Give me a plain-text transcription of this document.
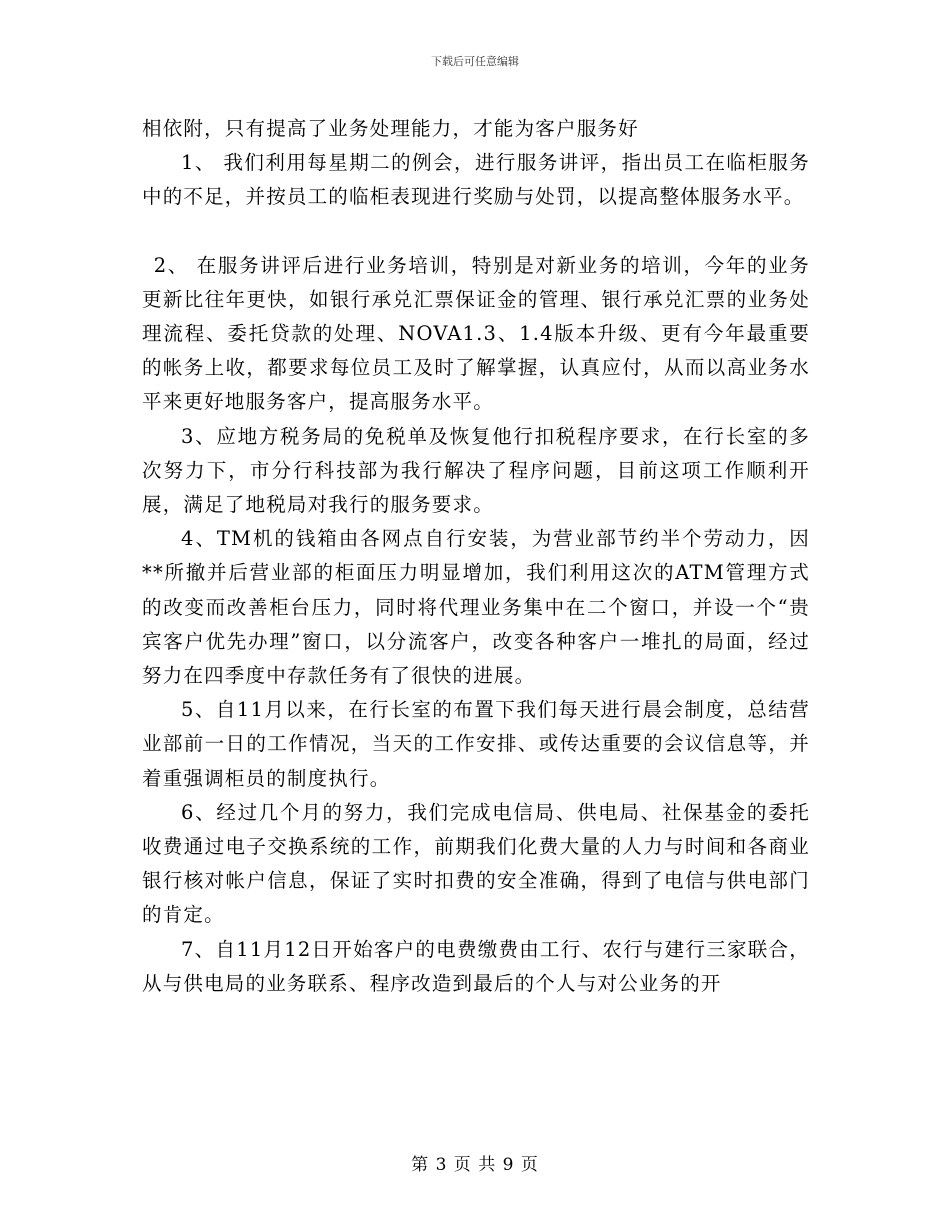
下载后可任意编辑

相依附，只有提高了业务处理能力，才能为客户服务好

1、 我们利用每星期二的例会，进行服务讲评，指出员工在临柜服务中的不足，并按员工的临柜表现进行奖励与处罚，以提高整体服务水平。

2、 在服务讲评后进行业务培训，特别是对新业务的培训，今年的业务更新比往年更快，如银行承兑汇票保证金的管理、银行承兑汇票的业务处理流程、委托贷款的处理、NOVA1.3、1.4版本升级、更有今年最重要的帐务上收，都要求每位员工及时了解掌握，认真应付，从而以高业务水平来更好地服务客户，提高服务水平。

3、应地方税务局的免税单及恢复他行扣税程序要求，在行长室的多次努力下，市分行科技部为我行解决了程序问题，目前这项工作顺利开展，满足了地税局对我行的服务要求。

4、TM机的钱箱由各网点自行安装，为营业部节约半个劳动力，因**所撤并后营业部的柜面压力明显增加，我们利用这次的ATM管理方式的改变而改善柜台压力，同时将代理业务集中在二个窗口，并设一个“贵宾客户优先办理”窗口，以分流客户，改变各种客户一堆扎的局面，经过努力在四季度中存款任务有了很快的进展。

5、自11月以来，在行长室的布置下我们每天进行晨会制度，总结营业部前一日的工作情况，当天的工作安排、或传达重要的会议信息等，并着重强调柜员的制度执行。

6、经过几个月的努力，我们完成电信局、供电局、社保基金的委托收费通过电子交换系统的工作，前期我们化费大量的人力与时间和各商业银行核对帐户信息，保证了实时扣费的安全准确，得到了电信与供电部门的肯定。

7、自11月12日开始客户的电费缴费由工行、农行与建行三家联合，从与供电局的业务联系、程序改造到最后的个人与对公业务的开

第 3 页 共 9 页
